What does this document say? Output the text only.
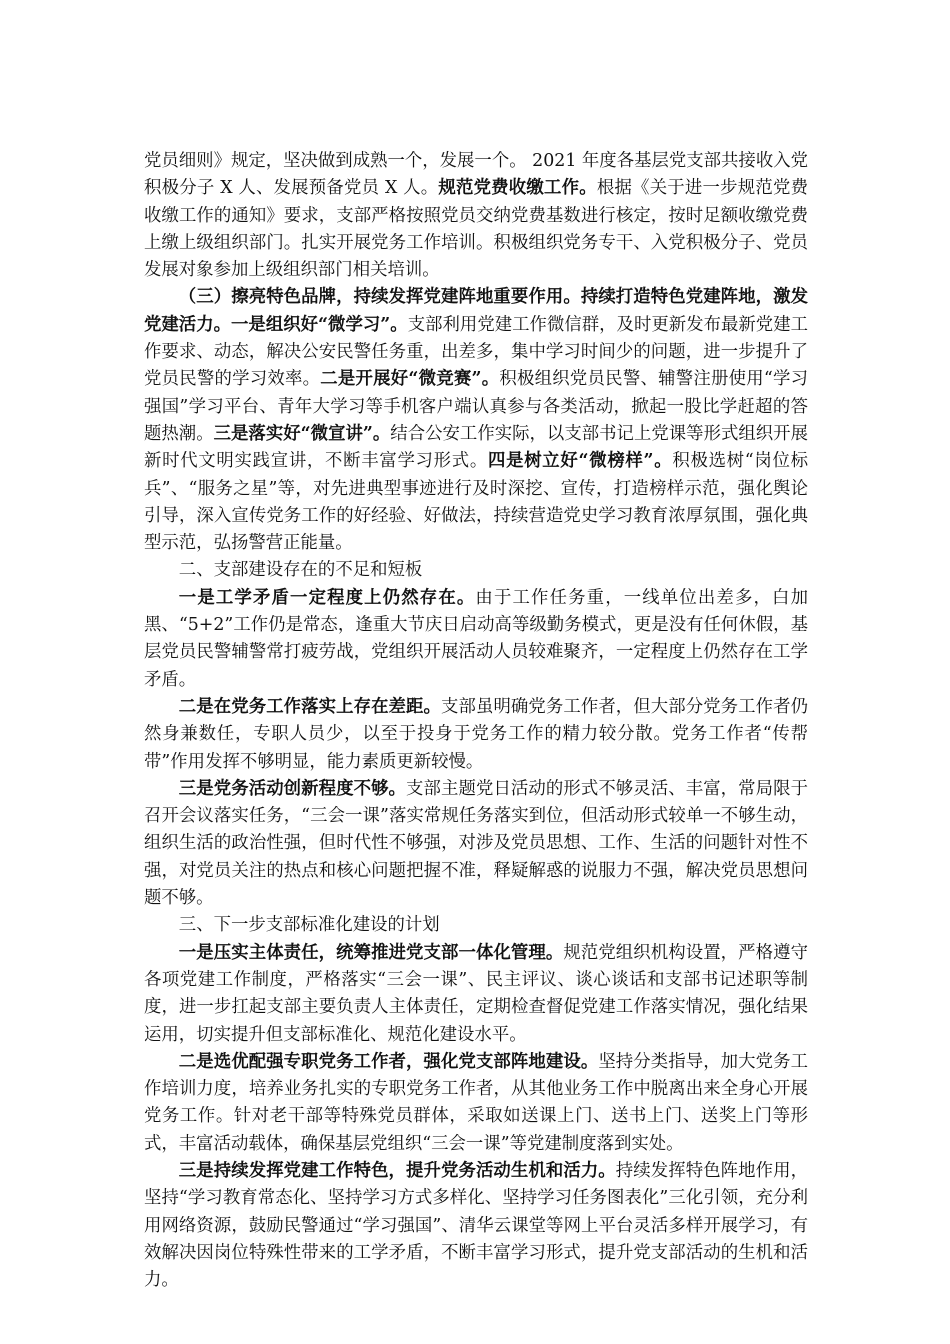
党员细则》规定，坚决做到成熟一个，发展一个。 2021 年度各基层党支部共接收入党积极分子 X 人、发展预备党员 X 人。规范党费收缴工作。根据《关于进一步规范党费收缴工作的通知》要求，支部严格按照党员交纳党费基数进行核定，按时足额收缴党费上缴上级组织部门。扎实开展党务工作培训。积极组织党务专干、入党积极分子、党员发展对象参加上级组织部门相关培训。

（三）擦亮特色品牌，持续发挥党建阵地重要作用。持续打造特色党建阵地，激发党建活力。一是组织好“微学习”。支部利用党建工作微信群，及时更新发布最新党建工作要求、动态，解决公安民警任务重，出差多，集中学习时间少的问题，进一步提升了党员民警的学习效率。二是开展好“微竞赛”。积极组织党员民警、辅警注册使用“学习强国”学习平台、青年大学习等手机客户端认真参与各类活动，掀起一股比学赶超的答题热潮。三是落实好“微宣讲”。结合公安工作实际，以支部书记上党课等形式组织开展新时代文明实践宣讲，不断丰富学习形式。四是树立好“微榜样”。积极选树“岗位标兵”、“服务之星”等，对先进典型事迹进行及时深挖、宣传，打造榜样示范，强化舆论引导，深入宣传党务工作的好经验、好做法，持续营造党史学习教育浓厚氛围，强化典型示范，弘扬警营正能量。

二、支部建设存在的不足和短板

一是工学矛盾一定程度上仍然存在。由于工作任务重，一线单位出差多，白加黑、“5+2”工作仍是常态，逢重大节庆日启动高等级勤务模式，更是没有任何休假，基层党员民警辅警常打疲劳战，党组织开展活动人员较难聚齐，一定程度上仍然存在工学矛盾。

二是在党务工作落实上存在差距。支部虽明确党务工作者，但大部分党务工作者仍然身兼数任，专职人员少，以至于投身于党务工作的精力较分散。党务工作者“传帮带”作用发挥不够明显，能力素质更新较慢。

三是党务活动创新程度不够。支部主题党日活动的形式不够灵活、丰富，常局限于召开会议落实任务，“三会一课”落实常规任务落实到位，但活动形式较单一不够生动，组织生活的政治性强，但时代性不够强，对涉及党员思想、工作、生活的问题针对性不强，对党员关注的热点和核心问题把握不准，释疑解惑的说服力不强，解决党员思想问题不够。

三、下一步支部标准化建设的计划

一是压实主体责任，统筹推进党支部一体化管理。规范党组织机构设置，严格遵守各项党建工作制度，严格落实“三会一课”、民主评议、谈心谈话和支部书记述职等制度，进一步扛起支部主要负责人主体责任，定期检查督促党建工作落实情况，强化结果运用，切实提升但支部标准化、规范化建设水平。

二是选优配强专职党务工作者，强化党支部阵地建设。坚持分类指导，加大党务工作培训力度，培养业务扎实的专职党务工作者，从其他业务工作中脱离出来全身心开展党务工作。针对老干部等特殊党员群体，采取如送课上门、送书上门、送奖上门等形式，丰富活动载体，确保基层党组织“三会一课”等党建制度落到实处。

三是持续发挥党建工作特色，提升党务活动生机和活力。持续发挥特色阵地作用，坚持“学习教育常态化、坚持学习方式多样化、坚持学习任务图表化”三化引领，充分利用网络资源，鼓励民警通过“学习强国”、清华云课堂等网上平台灵活多样开展学习，有效解决因岗位特殊性带来的工学矛盾，不断丰富学习形式，提升党支部活动的生机和活力。
